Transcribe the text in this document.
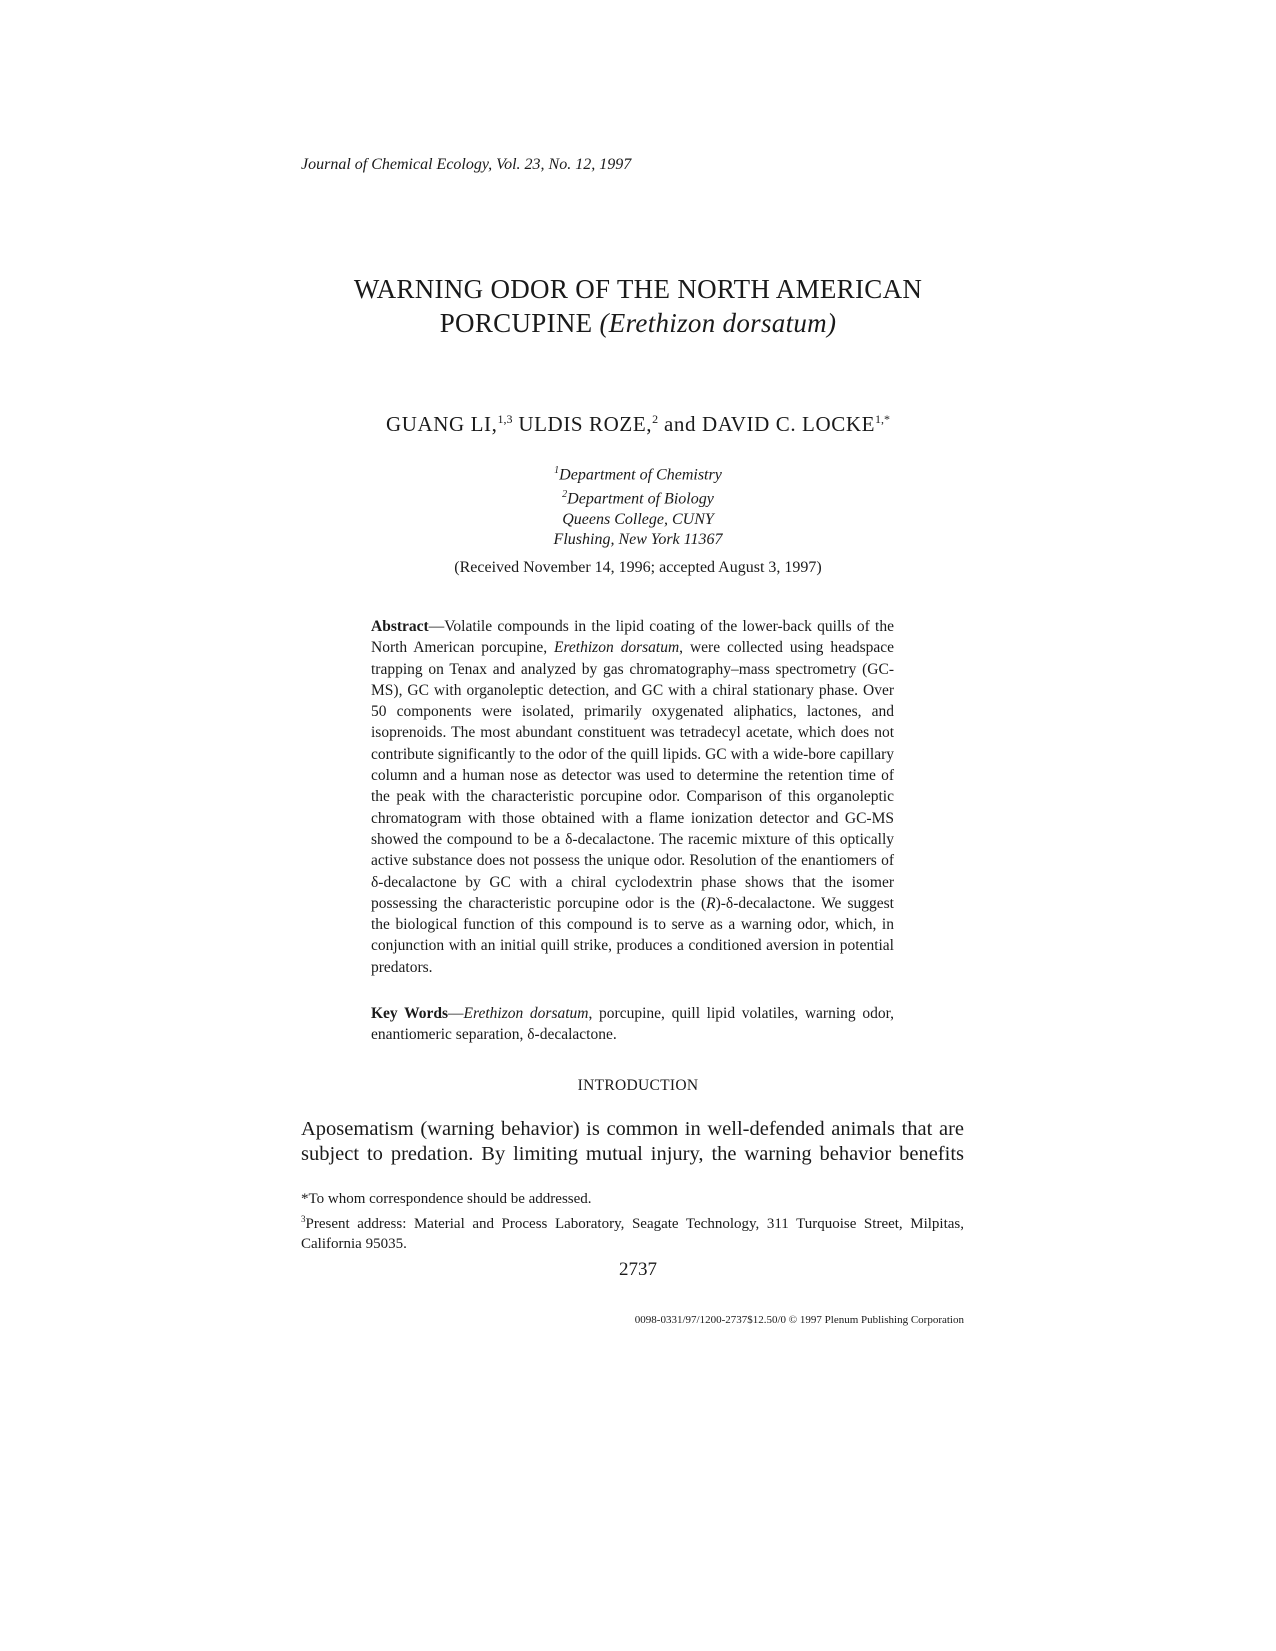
Journal of Chemical Ecology, Vol. 23, No. 12, 1997
WARNING ODOR OF THE NORTH AMERICAN
PORCUPINE (Erethizon dorsatum)
GUANG LI,$^{1,3}$ ULDIS ROZE,$^2$ and DAVID C. $LOCKE^{1,*}$
$^1$Department of Chemistry
$^2$Department of Biology
Queens College, CUNY
Flushing, New York 11367
(Received November 14, 1996; accepted August 3, 1997)
Abstract—Volatile compounds in the lipid coating of the lower-back quills of the North American porcupine, Erethizon dorsatum, were collected using headspace trapping on Tenax and analyzed by gas chromatography–mass spectrometry (GC-MS), GC with organoleptic detection, and GC with a chiral stationary phase. Over 50 components were isolated, primarily oxygenated aliphatics, lactones, and isoprenoids. The most abundant constituent was tetradecyl acetate, which does not contribute significantly to the odor of the quill lipids. GC with a wide-bore capillary column and a human nose as detector was used to determine the retention time of the peak with the characteristic porcupine odor. Comparison of this organoleptic chromatogram with those obtained with a flame ionization detector and GC-MS showed the compound to be a δ-decalactone. The racemic mixture of this optically active substance does not possess the unique odor. Resolution of the enantiomers of δ-decalactone by GC with a chiral cyclodextrin phase shows that the isomer possessing the characteristic porcupine odor is the (R)-δ-decalactone. We suggest the biological function of this compound is to serve as a warning odor, which, in conjunction with an initial quill strike, produces a conditioned aversion in potential predators.
Key Words—Erethizon dorsatum, porcupine, quill lipid volatiles, warning odor, enantiomeric separation, δ-decalactone.
INTRODUCTION
Aposematism (warning behavior) is common in well-defended animals that are
subject to predation. By limiting mutual injury, the warning behavior benefits
*To whom correspondence should be addressed.
$^3$Present address: Material and Process Laboratory, Seagate Technology, 311 Turquoise Street, Milpitas, California 95035.
2737
0098-0331/97/1200-2737$12.50/0 © 1997 Plenum Publishing Corporation
